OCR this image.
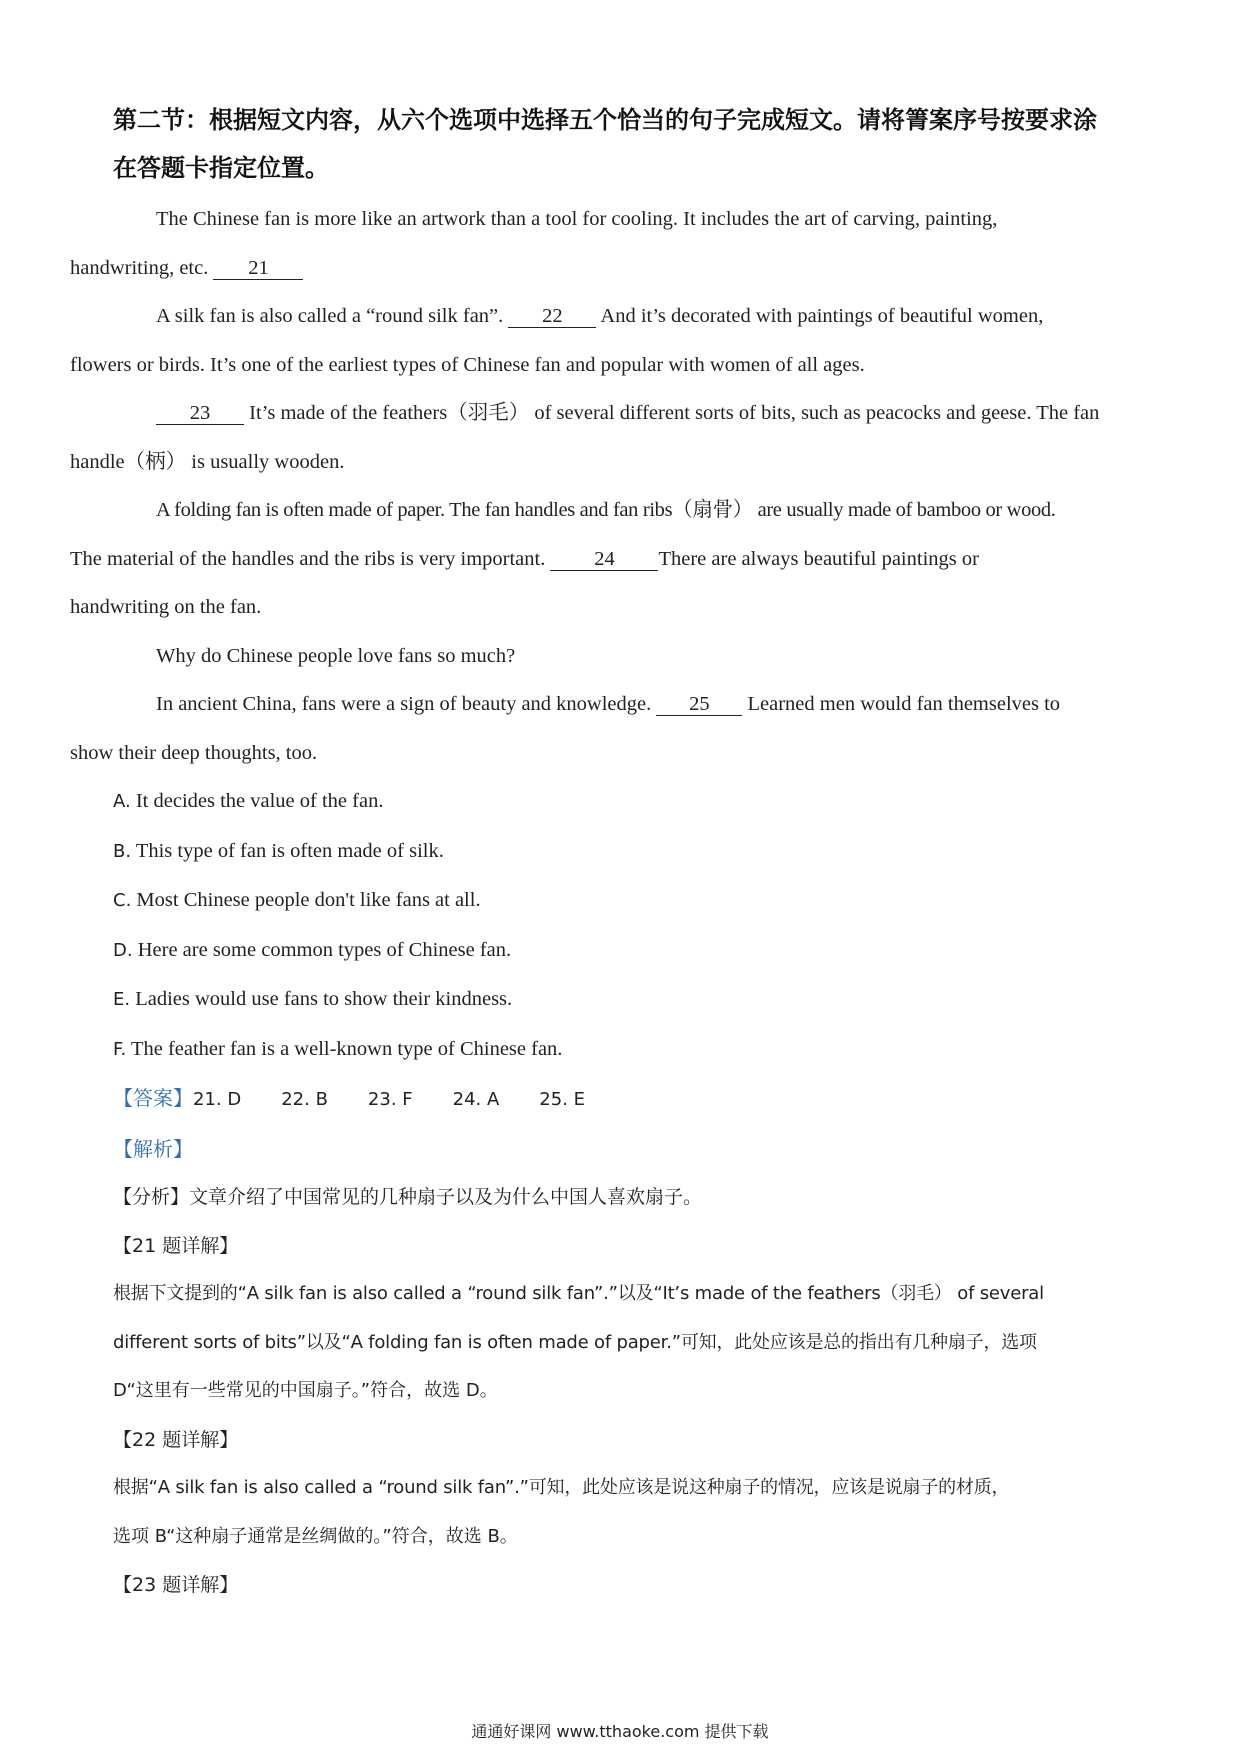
第二节：根据短文内容，从六个选项中选择五个恰当的句子完成短文。请将箐案序号按要求涂
在答题卡指定位置。

The Chinese fan is more like an artwork than a tool for cooling. It includes the art of carving, painting,
handwriting, etc. 21

A silk fan is also called a “round silk fan”. 22 And it’s decorated with paintings of beautiful women,
flowers or birds. It’s one of the earliest types of Chinese fan and popular with women of all ages.

23 It’s made of the feathers（羽毛） of several different sorts of bits, such as peacocks and geese. The fan
handle（柄） is usually wooden.

A folding fan is often made of paper. The fan handles and fan ribs（扇骨） are usually made of bamboo or wood.
The material of the handles and the ribs is very important. 24 There are always beautiful paintings or
handwriting on the fan.

Why do Chinese people love fans so much?

In ancient China, fans were a sign of beauty and knowledge. 25 Learned men would fan themselves to
show their deep thoughts, too.

A. It decides the value of the fan.

B. This type of fan is often made of silk.

C. Most Chinese people don't like fans at all.

D. Here are some common types of Chinese fan.

E. Ladies would use fans to show their kindness.

F. The feather fan is a well-known type of Chinese fan.

【答案】21. D 22. B 23. F 24. A 25. E
【解析】

【分析】文章介绍了中国常见的几种扇子以及为什么中国人喜欢扇子。

【21 题详解】

根据下文提到的“A silk fan is also called a “round silk fan”.”以及“It’s made of the feathers（羽毛） of several

different sorts of bits”以及“A folding fan is often made of paper.”可知，此处应该是总的指出有几种扇子，选项

D“这里有一些常见的中国扇子。”符合，故选 D。

【22 题详解】

根据“A silk fan is also called a “round silk fan”.”可知，此处应该是说这种扇子的情况，应该是说扇子的材质，

选项 B“这种扇子通常是丝绸做的。”符合，故选 B。

【23 题详解】

通通好课网 www.tthaoke.com 提供下载
